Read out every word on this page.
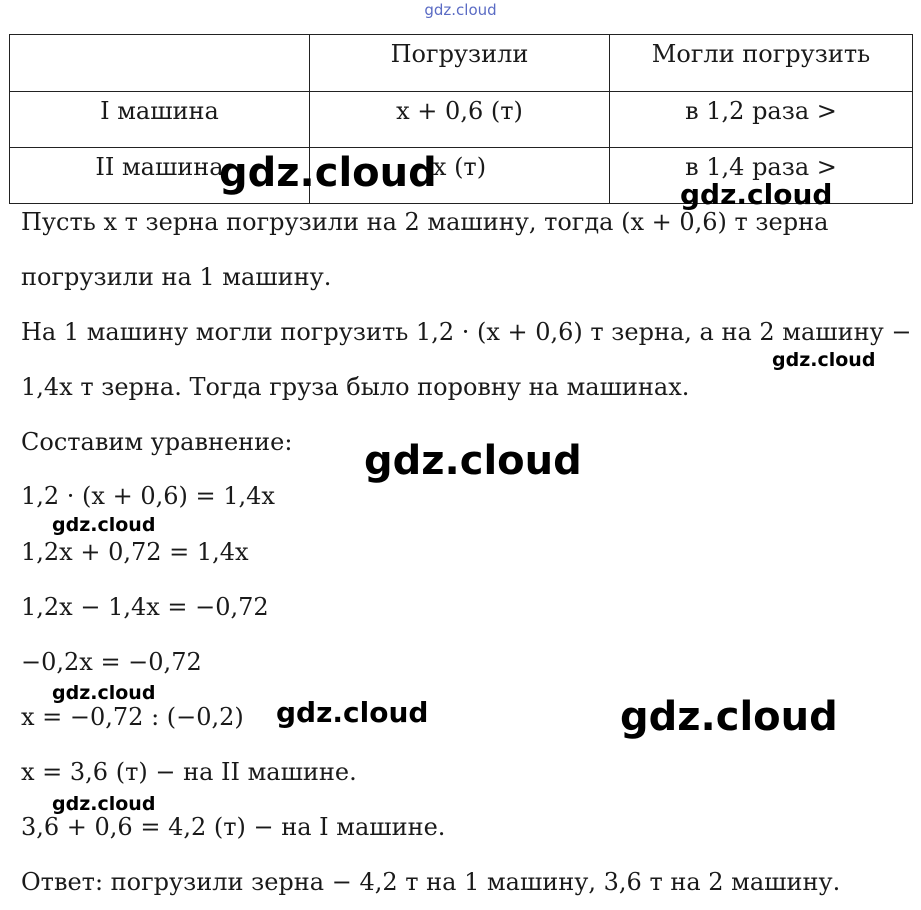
gdz.cloud
	Погрузили	Могли погрузить
I машина	x + 0,6 (т)	в 1,2 раза >
II машина	x (т)	в 1,4 раза >
Пусть x т зерна погрузили на 2 машину, тогда (x + 0,6) т зерна
погрузили на 1 машину.
На 1 машину могли погрузить 1,2 · (x + 0,6) т зерна, а на 2 машину −
1,4x т зерна. Тогда груза было поровну на машинах.
Составим уравнение:
1,2 · (x + 0,6) = 1,4x
1,2x + 0,72 = 1,4x
1,2x − 1,4x = −0,72
−0,2x = −0,72
x = −0,72 : (−0,2)
x = 3,6 (т) − на II машине.
3,6 + 0,6 = 4,2 (т) − на I машине.
Ответ: погрузили зерна − 4,2 т на 1 машину, 3,6 т на 2 машину.
gdz.cloud	gdz.cloud
gdz.cloud
gdz.cloud
gdz.cloud
gdz.cloud
gdz.cloud	gdz.cloud
gdz.cloud
